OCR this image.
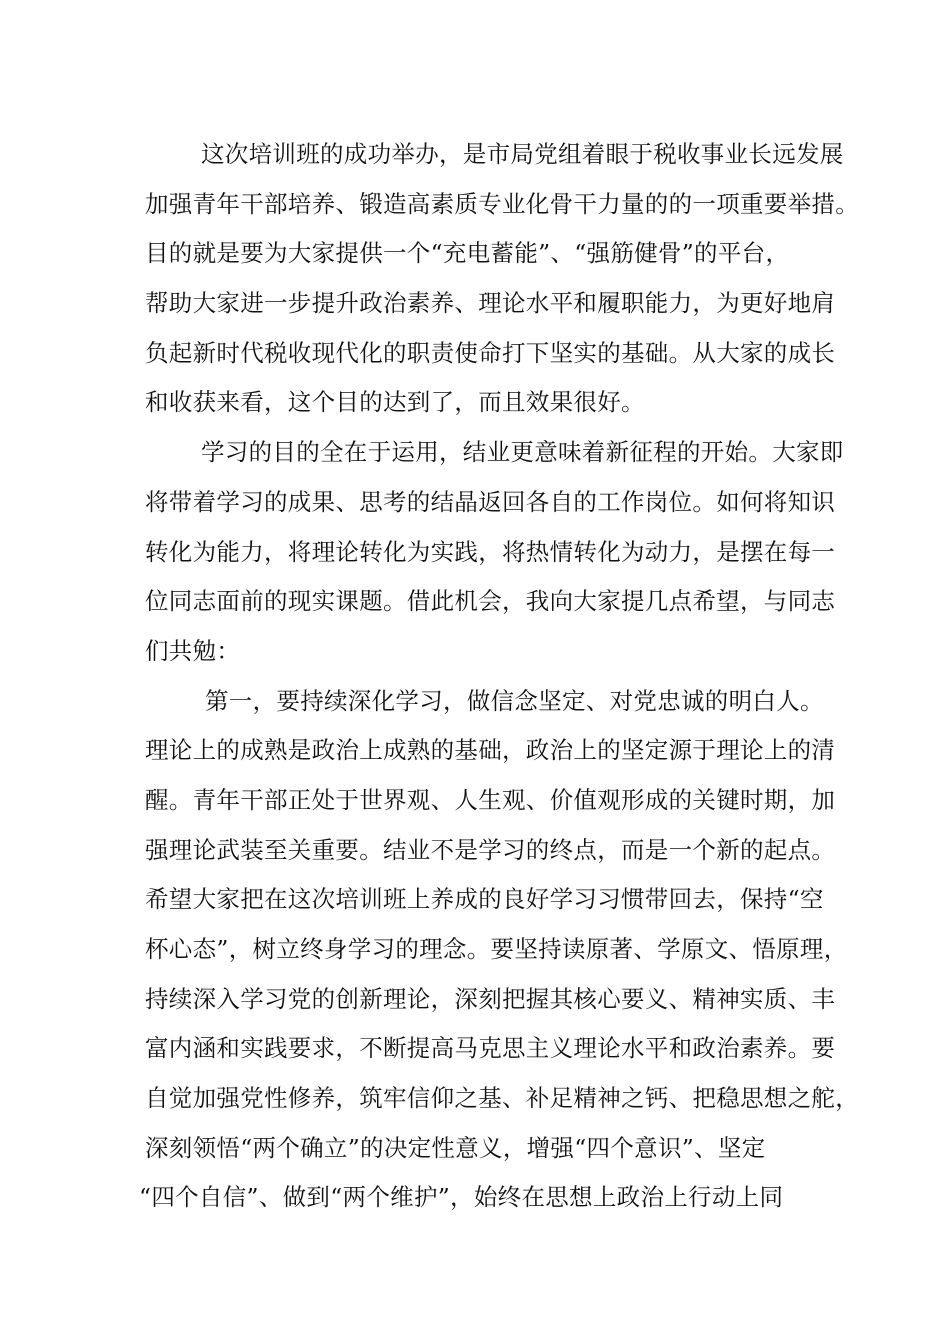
这次培训班的成功举办，是市局党组着眼于税收事业长远发展
加强青年干部培养、锻造高素质专业化骨干力量的的一项重要举措。
目的就是要为大家提供一个“充电蓄能”、“强筋健骨”的平台，
帮助大家进一步提升政治素养、理论水平和履职能力，为更好地肩
负起新时代税收现代化的职责使命打下坚实的基础。从大家的成长
和收获来看，这个目的达到了，而且效果很好。
学习的目的全在于运用，结业更意味着新征程的开始。大家即
将带着学习的成果、思考的结晶返回各自的工作岗位。如何将知识
转化为能力，将理论转化为实践，将热情转化为动力，是摆在每一
位同志面前的现实课题。借此机会，我向大家提几点希望，与同志
们共勉：
第一，要持续深化学习，做信念坚定、对党忠诚的明白人。
理论上的成熟是政治上成熟的基础，政治上的坚定源于理论上的清
醒。青年干部正处于世界观、人生观、价值观形成的关键时期，加
强理论武装至关重要。结业不是学习的终点，而是一个新的起点。
希望大家把在这次培训班上养成的良好学习习惯带回去，保持“空
杯心态”，树立终身学习的理念。要坚持读原著、学原文、悟原理，
持续深入学习党的创新理论，深刻把握其核心要义、精神实质、丰
富内涵和实践要求，不断提高马克思主义理论水平和政治素养。要
自觉加强党性修养，筑牢信仰之基、补足精神之钙、把稳思想之舵，
深刻领悟“两个确立”的决定性意义，增强“四个意识”、坚定
“四个自信”、做到“两个维护”，始终在思想上政治上行动上同
